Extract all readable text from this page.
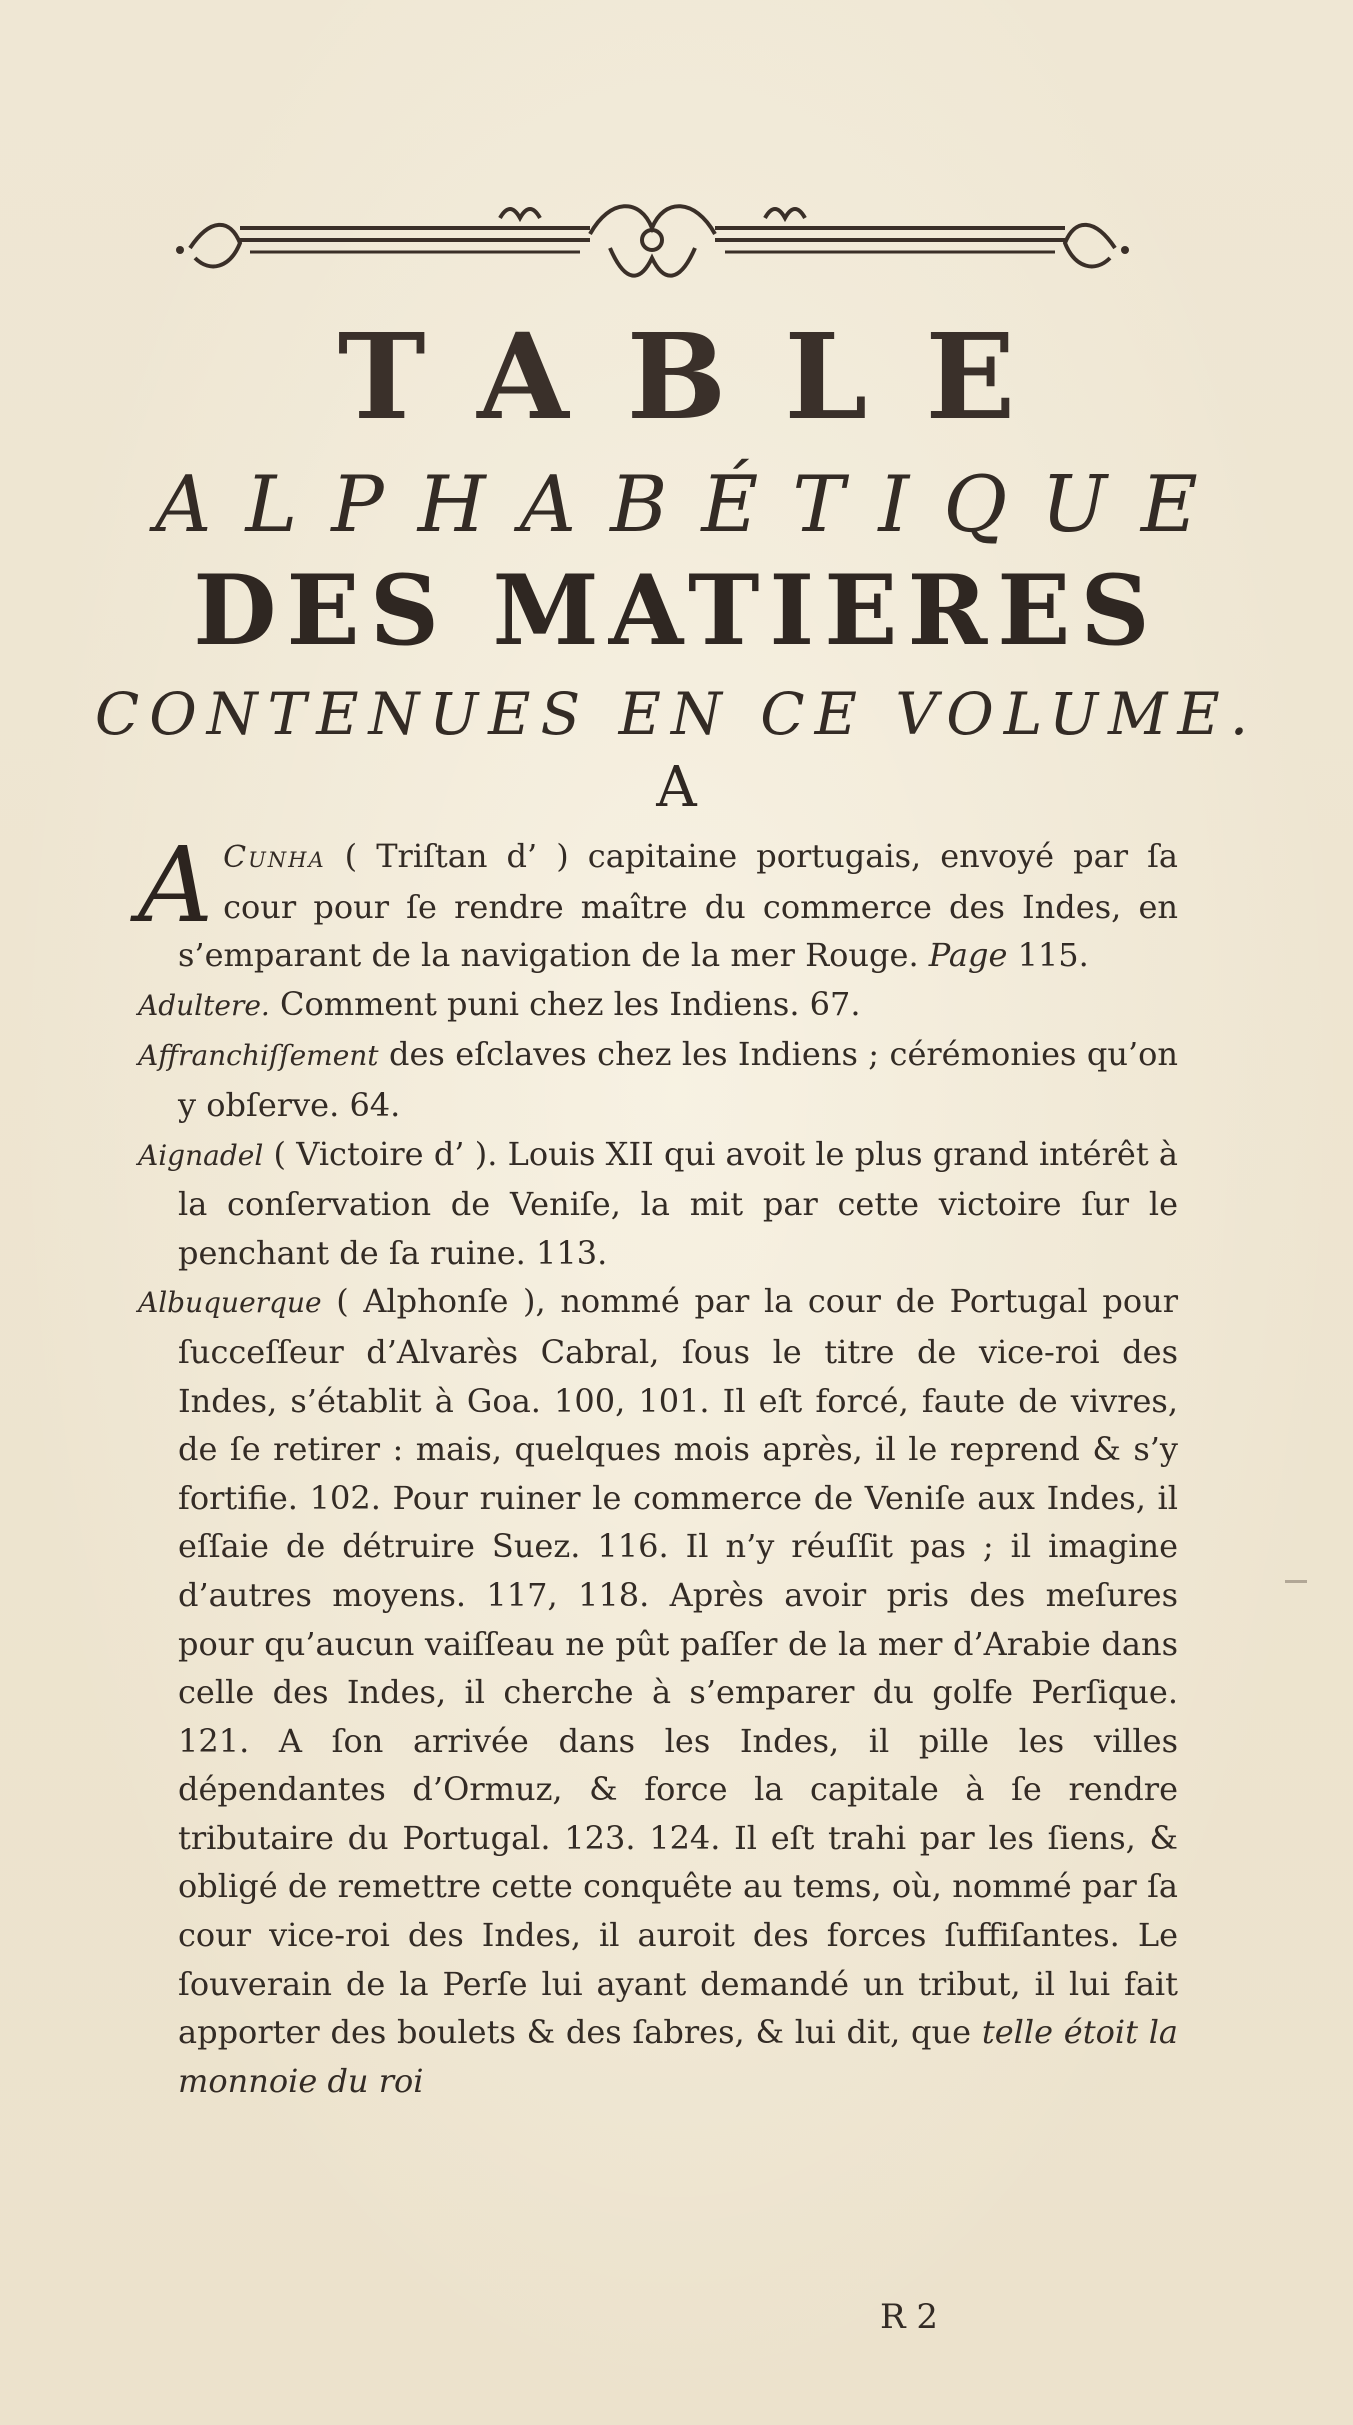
TABLE
ALPHABÉTIQUE
DES MATIERES
CONTENUES EN CE VOLUME.
A

A Cunha ( Triſtan d’ ) capitaine portugais, envoyé par ſa cour pour ſe rendre maître du commerce des Indes, en s’emparant de la navigation de la mer Rouge. Page 115.

Adultere. Comment puni chez les Indiens. 67.

Affranchiſſement des eſclaves chez les Indiens ; cérémonies qu’on y obſerve. 64.

Aignadel ( Victoire d’ ). Louis XII qui avoit le plus grand intérêt à la conſervation de Veniſe, la mit par cette victoire ſur le penchant de ſa ruine. 113.

Albuquerque ( Alphonſe ), nommé par la cour de Portugal pour ſucceſſeur d’Alvarès Cabral, ſous le titre de vice-roi des Indes, s’établit à Goa. 100, 101. Il eſt forcé, faute de vivres, de ſe retirer : mais, quelques mois après, il le reprend & s’y fortifie. 102. Pour ruiner le commerce de Veniſe aux Indes, il eſſaie de détruire Suez. 116. Il n’y réuſſit pas ; il imagine d’autres moyens. 117, 118. Après avoir pris des meſures pour qu’aucun vaiſſeau ne pût paſſer de la mer d’Arabie dans celle des Indes, il cherche à s’emparer du golfe Perſique. 121. A ſon arrivée dans les Indes, il pille les villes dépendantes d’Ormuz, & force la capitale à ſe rendre tributaire du Portugal. 123. 124. Il eſt trahi par les ſiens, & obligé de remettre cette conquête au tems, où, nommé par ſa cour vice-roi des Indes, il auroit des forces ſuffiſantes. Le ſouverain de la Perſe lui ayant demandé un tribut, il lui fait apporter des boulets & des ſabres, & lui dit, que telle étoit la monnoie du roi

R 2
